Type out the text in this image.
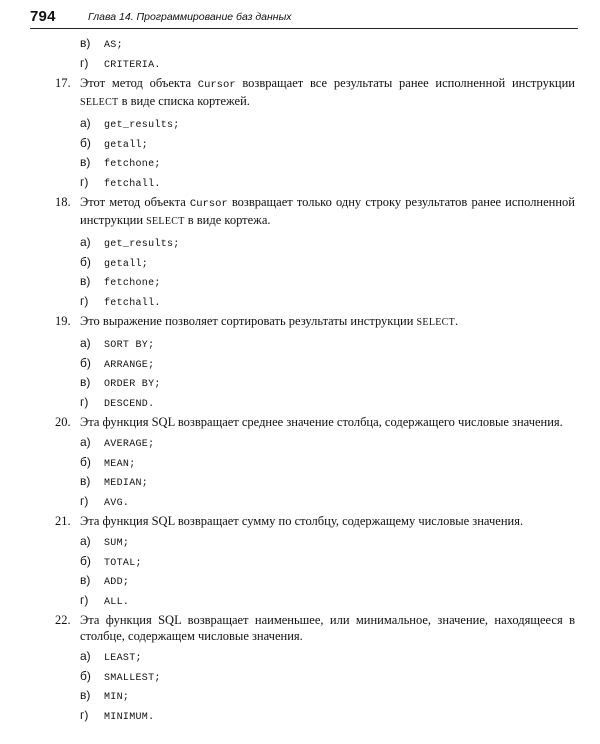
794	Глава 14. Программирование баз данных
в)	AS;
г)	CRITERIA.
17. Этот метод объекта Cursor возвращает все результаты ранее исполненной инструкции SELECT в виде списка кортежей.
а)	get_results;
б)	getall;
в)	fetchone;
г)	fetchall.
18. Этот метод объекта Cursor возвращает только одну строку результатов ранее исполненной инструкции SELECT в виде кортежа.
а)	get_results;
б)	getall;
в)	fetchone;
г)	fetchall.
19. Это выражение позволяет сортировать результаты инструкции SELECT.
а)	SORT BY;
б)	ARRANGE;
в)	ORDER BY;
г)	DESCEND.
20. Эта функция SQL возвращает среднее значение столбца, содержащего числовые значения.
а)	AVERAGE;
б)	MEAN;
в)	MEDIAN;
г)	AVG.
21. Эта функция SQL возвращает сумму по столбцу, содержащему числовые значения.
а)	SUM;
б)	TOTAL;
в)	ADD;
г)	ALL.
22. Эта функция SQL возвращает наименьшее, или минимальное, значение, находящееся в столбце, содержащем числовые значения.
а)	LEAST;
б)	SMALLEST;
в)	MIN;
г)	MINIMUM.
